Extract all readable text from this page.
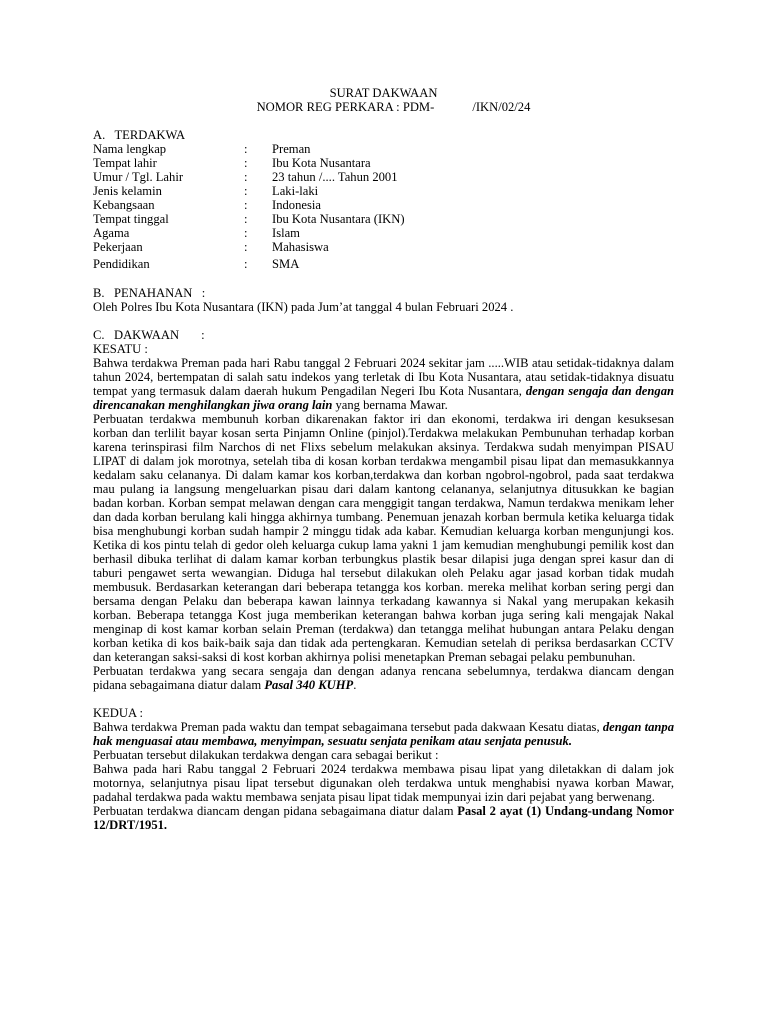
SURAT DAKWAAN
NOMOR REG PERKARA : PDM-	/IKN/02/24
A.   TERDAKWA
Nama lengkap	:	Preman
Tempat lahir	:	Ibu Kota Nusantara
Umur / Tgl. Lahir	:	23 tahun /.... Tahun 2001
Jenis kelamin	:	Laki-laki
Kebangsaan	:	Indonesia
Tempat tinggal	:	Ibu Kota Nusantara (IKN)
Agama	:	Islam
Pekerjaan	:	Mahasiswa
Pendidikan	:	SMA
B.   PENAHANAN   :

Oleh Polres Ibu Kota Nusantara (IKN) pada Jum’at tanggal 4 bulan Februari 2024 .

C.   DAKWAAN       :
KESATU :

Bahwa terdakwa Preman pada hari Rabu tanggal 2 Februari 2024 sekitar jam .....WIB atau setidak-tidaknya dalam tahun 2024, bertempatan di salah satu indekos yang terletak di Ibu Kota Nusantara, atau setidak-tidaknya disuatu tempat yang termasuk dalam daerah hukum Pengadilan Negeri Ibu Kota Nusantara, dengan sengaja dan dengan direncanakan menghilangkan jiwa orang lain yang bernama Mawar.

Perbuatan terdakwa membunuh korban dikarenakan faktor iri dan ekonomi, terdakwa iri dengan kesuksesan korban dan terlilit bayar kosan serta Pinjamn Online (pinjol).Terdakwa melakukan Pembunuhan terhadap korban karena terinspirasi film Narchos di net Flixs sebelum melakukan aksinya. Terdakwa sudah menyimpan PISAU LIPAT di dalam jok morotnya, setelah tiba di kosan korban terdakwa mengambil pisau lipat dan memasukkannya kedalam saku celananya. Di dalam kamar kos korban,terdakwa dan korban ngobrol-ngobrol, pada saat terdakwa mau pulang ia langsung mengeluarkan pisau dari dalam kantong celananya, selanjutnya ditusukkan ke bagian badan korban. Korban sempat melawan dengan cara menggigit tangan terdakwa, Namun terdakwa menikam leher dan dada korban berulang kali hingga akhirnya tumbang. Penemuan jenazah korban bermula ketika keluarga tidak bisa menghubungi korban sudah hampir 2 minggu tidak ada kabar. Kemudian keluarga korban mengunjungi kos. Ketika di kos pintu telah di gedor oleh keluarga cukup lama yakni 1 jam kemudian menghubungi pemilik kost dan berhasil dibuka terlihat di dalam kamar korban terbungkus plastik besar dilapisi juga dengan sprei kasur dan di taburi pengawet serta wewangian. Diduga hal tersebut dilakukan oleh Pelaku agar jasad korban tidak mudah membusuk. Berdasarkan keterangan dari beberapa tetangga kos korban. mereka melihat korban sering pergi dan bersama dengan Pelaku dan beberapa kawan lainnya terkadang kawannya si Nakal yang merupakan kekasih korban. Beberapa tetangga Kost juga memberikan keterangan bahwa korban juga sering kali mengajak Nakal menginap di kost kamar korban selain Preman (terdakwa) dan tetangga melihat hubungan antara Pelaku dengan korban ketika di kos baik-baik saja dan tidak ada pertengkaran. Kemudian setelah di periksa berdasarkan CCTV dan keterangan saksi-saksi di kost korban akhirnya polisi menetapkan Preman sebagai pelaku pembunuhan.

Perbuatan terdakwa yang secara sengaja dan dengan adanya rencana sebelumnya, terdakwa diancam dengan pidana sebagaimana diatur dalam Pasal 340 KUHP.

KEDUA :

Bahwa terdakwa Preman pada waktu dan tempat sebagaimana tersebut pada dakwaan Kesatu diatas, dengan tanpa hak menguasai atau membawa, menyimpan, sesuatu senjata penikam atau senjata penusuk.

Perbuatan tersebut dilakukan terdakwa dengan cara sebagai berikut :

Bahwa pada hari Rabu tanggal 2 Februari 2024 terdakwa membawa pisau lipat yang diletakkan di dalam jok motornya, selanjutnya pisau lipat tersebut digunakan oleh terdakwa untuk menghabisi nyawa korban Mawar, padahal terdakwa pada waktu membawa senjata pisau lipat tidak mempunyai izin dari pejabat yang berwenang.

Perbuatan terdakwa diancam dengan pidana sebagaimana diatur dalam Pasal 2 ayat (1) Undang-undang Nomor 12/DRT/1951.
